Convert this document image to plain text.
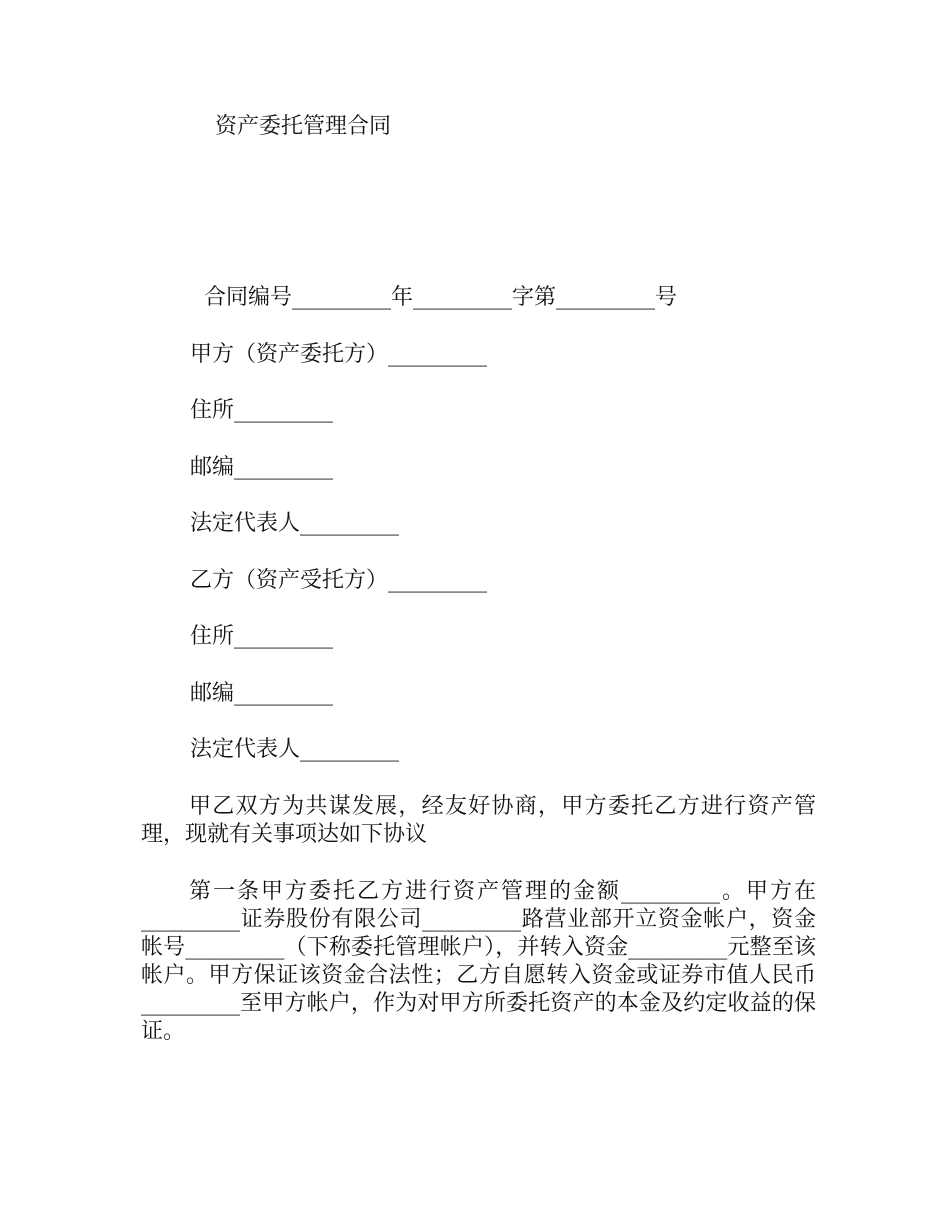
资产委托管理合同
合同编号_________年_________字第_________号
甲方（资产委托方）_________
住所_________
邮编_________
法定代表人_________
乙方（资产受托方）_________
住所_________
邮编_________
法定代表人_________
甲乙双方为共谋发展，经友好协商，甲方委托乙方进行资产管理，现就有关事项达如下协议
第一条甲方委托乙方进行资产管理的金额_________。甲方在_________证券股份有限公司_________路营业部开立资金帐户，资金帐号_________（下称委托管理帐户），并转入资金_________元整至该帐户。甲方保证该资金合法性；乙方自愿转入资金或证券市值人民币_________至甲方帐户，作为对甲方所委托资产的本金及约定收益的保证。
